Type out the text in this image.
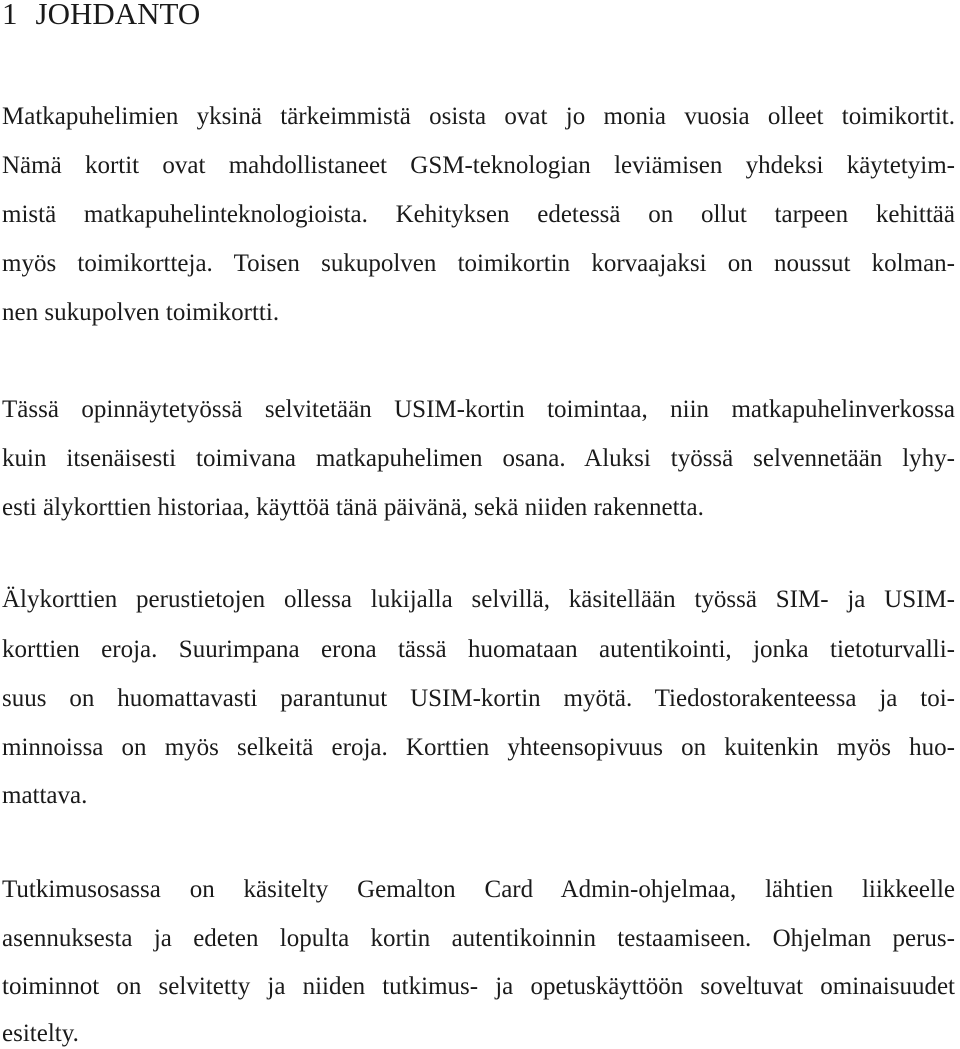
1 JOHDANTO
Matkapuhelimien yksinä tärkeimmistä osista ovat jo monia vuosia olleet toimikortit.
Nämä kortit ovat mahdollistaneet GSM-teknologian leviämisen yhdeksi käytetyim-
mistä matkapuhelinteknologioista. Kehityksen edetessä on ollut tarpeen kehittää
myös toimikortteja. Toisen sukupolven toimikortin korvaajaksi on noussut kolman-
nen sukupolven toimikortti.
Tässä opinnäytetyössä selvitetään USIM-kortin toimintaa, niin matkapuhelinverkossa
kuin itsenäisesti toimivana matkapuhelimen osana. Aluksi työssä selvennetään lyhy-
esti älykorttien historiaa, käyttöä tänä päivänä, sekä niiden rakennetta.
Älykorttien perustietojen ollessa lukijalla selvillä, käsitellään työssä SIM- ja USIM-
korttien eroja. Suurimpana erona tässä huomataan autentikointi, jonka tietoturvalli-
suus on huomattavasti parantunut USIM-kortin myötä. Tiedostorakenteessa ja toi-
minnoissa on myös selkeitä eroja. Korttien yhteensopivuus on kuitenkin myös huo-
mattava.
Tutkimusosassa on käsitelty Gemalton Card Admin-ohjelmaa, lähtien liikkeelle
asennuksesta ja edeten lopulta kortin autentikoinnin testaamiseen. Ohjelman perus-
toiminnot on selvitetty ja niiden tutkimus- ja opetuskäyttöön soveltuvat ominaisuudet
esitelty.
